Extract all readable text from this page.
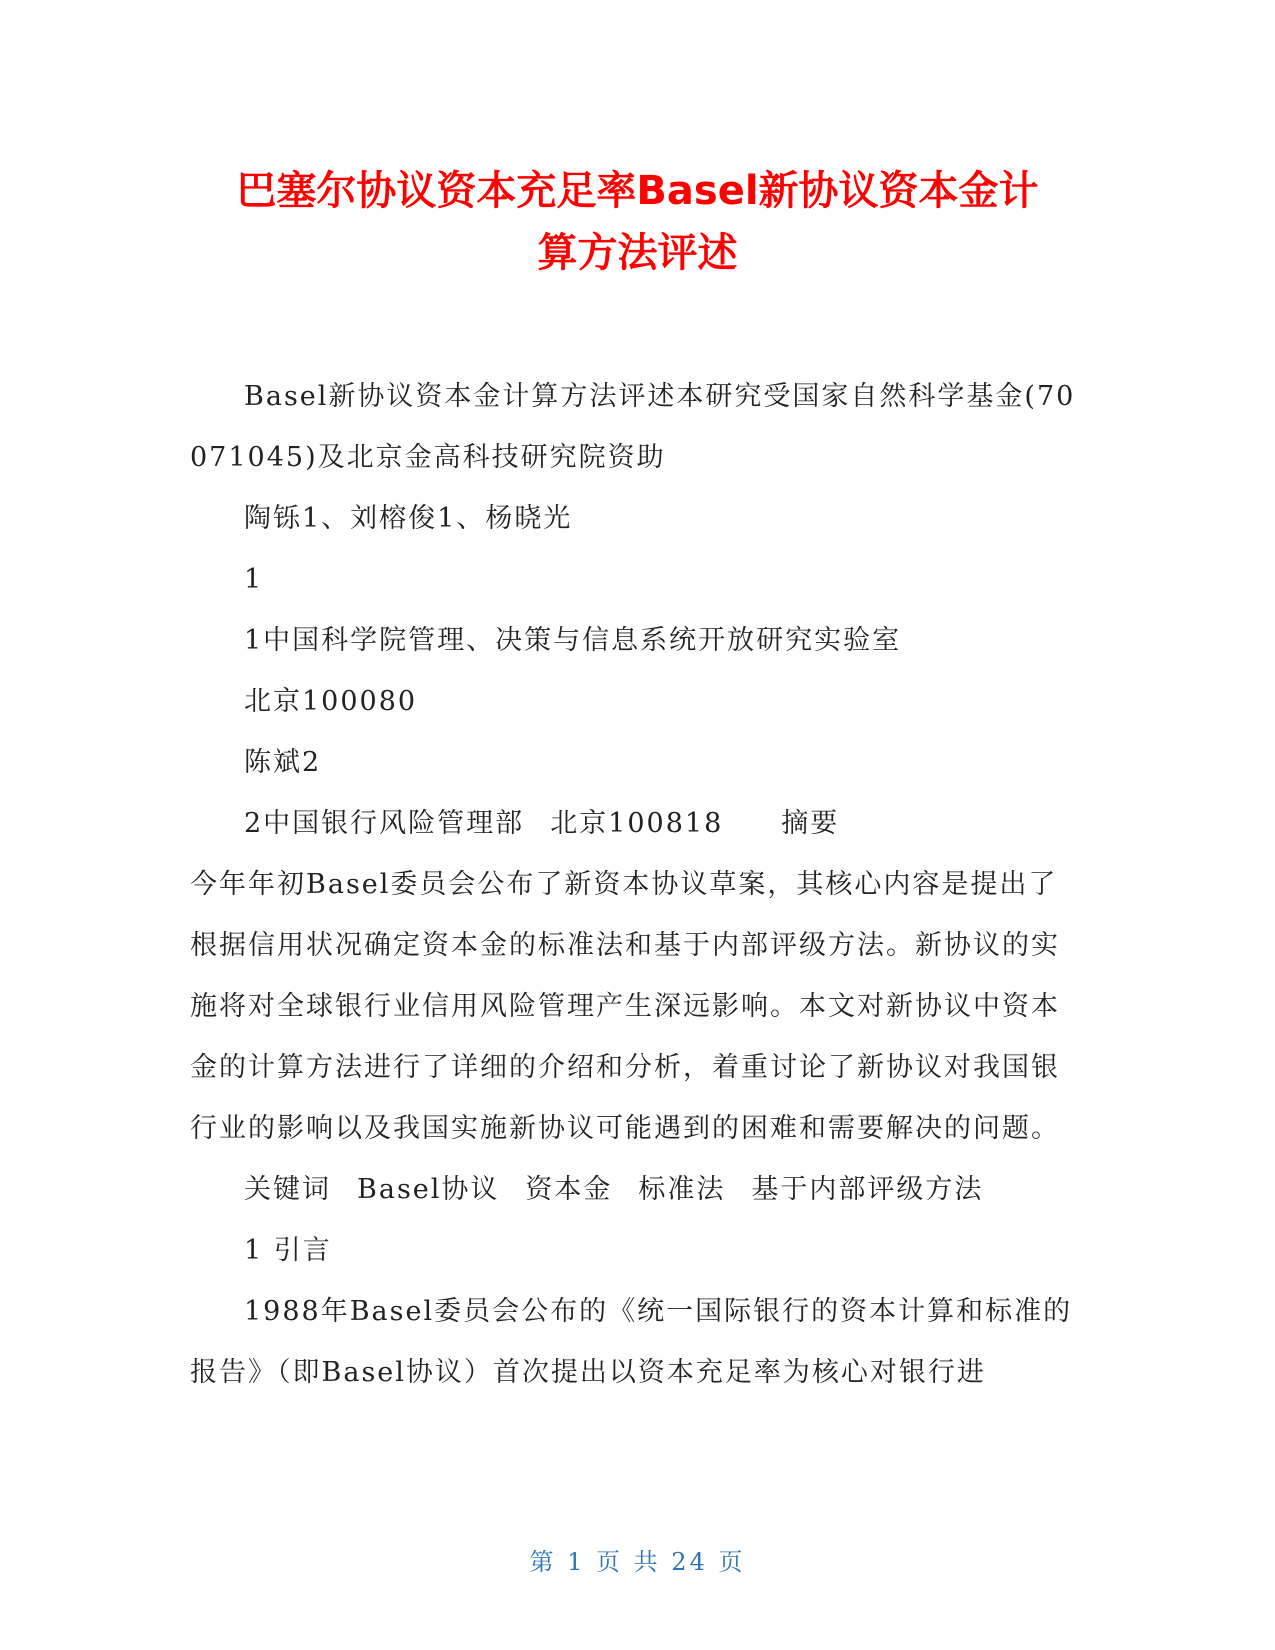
巴塞尔协议资本充足率Basel新协议资本金计
算方法评述

Basel新协议资本金计算方法评述本研究受国家自然科学基金(70071045)及北京金高科技研究院资助

陶铄1、刘榕俊1、杨晓光

1

1中国科学院管理、决策与信息系统开放研究实验室

北京100080

陈斌2

2中国银行风险管理部 北京100818 摘要

今年年初Basel委员会公布了新资本协议草案，其核心内容是提出了根据信用状况确定资本金的标准法和基于内部评级方法。新协议的实施将对全球银行业信用风险管理产生深远影响。本文对新协议中资本金的计算方法进行了详细的介绍和分析，着重讨论了新协议对我国银行业的影响以及我国实施新协议可能遇到的困难和需要解决的问题。

关键词 Basel协议 资本金 标准法 基于内部评级方法

1 引言

1988年Basel委员会公布的《统一国际银行的资本计算和标准的报告》（即Basel协议）首次提出以资本充足率为核心对银行进

第 1 页 共 24 页
